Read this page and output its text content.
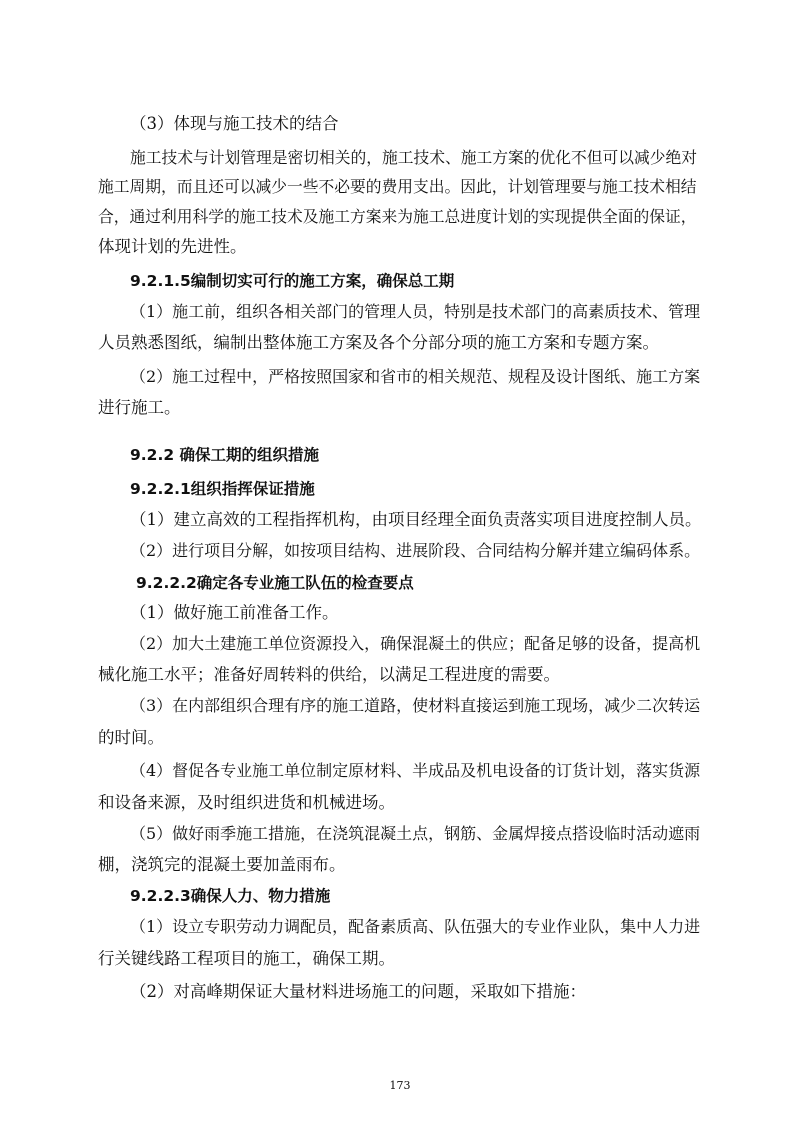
（3）体现与施工技术的结合
施工技术与计划管理是密切相关的，施工技术、施工方案的优化不但可以减少绝对
施工周期，而且还可以减少一些不必要的费用支出。因此，计划管理要与施工技术相结
合，通过利用科学的施工技术及施工方案来为施工总进度计划的实现提供全面的保证，
体现计划的先进性。
9.2.1.5编制切实可行的施工方案，确保总工期
（1）施工前，组织各相关部门的管理人员，特别是技术部门的高素质技术、管理
人员熟悉图纸，编制出整体施工方案及各个分部分项的施工方案和专题方案。
（2）施工过程中，严格按照国家和省市的相关规范、规程及设计图纸、施工方案
进行施工。
9.2.2 确保工期的组织措施
9.2.2.1组织指挥保证措施
（1）建立高效的工程指挥机构，由项目经理全面负责落实项目进度控制人员。
（2）进行项目分解，如按项目结构、进展阶段、合同结构分解并建立编码体系。
9.2.2.2确定各专业施工队伍的检查要点
（1）做好施工前准备工作。
（2）加大土建施工单位资源投入，确保混凝土的供应；配备足够的设备，提高机
械化施工水平；准备好周转料的供给，以满足工程进度的需要。
（3）在内部组织合理有序的施工道路，使材料直接运到施工现场，减少二次转运
的时间。
（4）督促各专业施工单位制定原材料、半成品及机电设备的订货计划，落实货源
和设备来源，及时组织进货和机械进场。
（5）做好雨季施工措施，在浇筑混凝土点，钢筋、金属焊接点搭设临时活动遮雨
棚，浇筑完的混凝土要加盖雨布。
9.2.2.3确保人力、物力措施
（1）设立专职劳动力调配员，配备素质高、队伍强大的专业作业队，集中人力进
行关键线路工程项目的施工，确保工期。
（2）对高峰期保证大量材料进场施工的问题，采取如下措施：
173
